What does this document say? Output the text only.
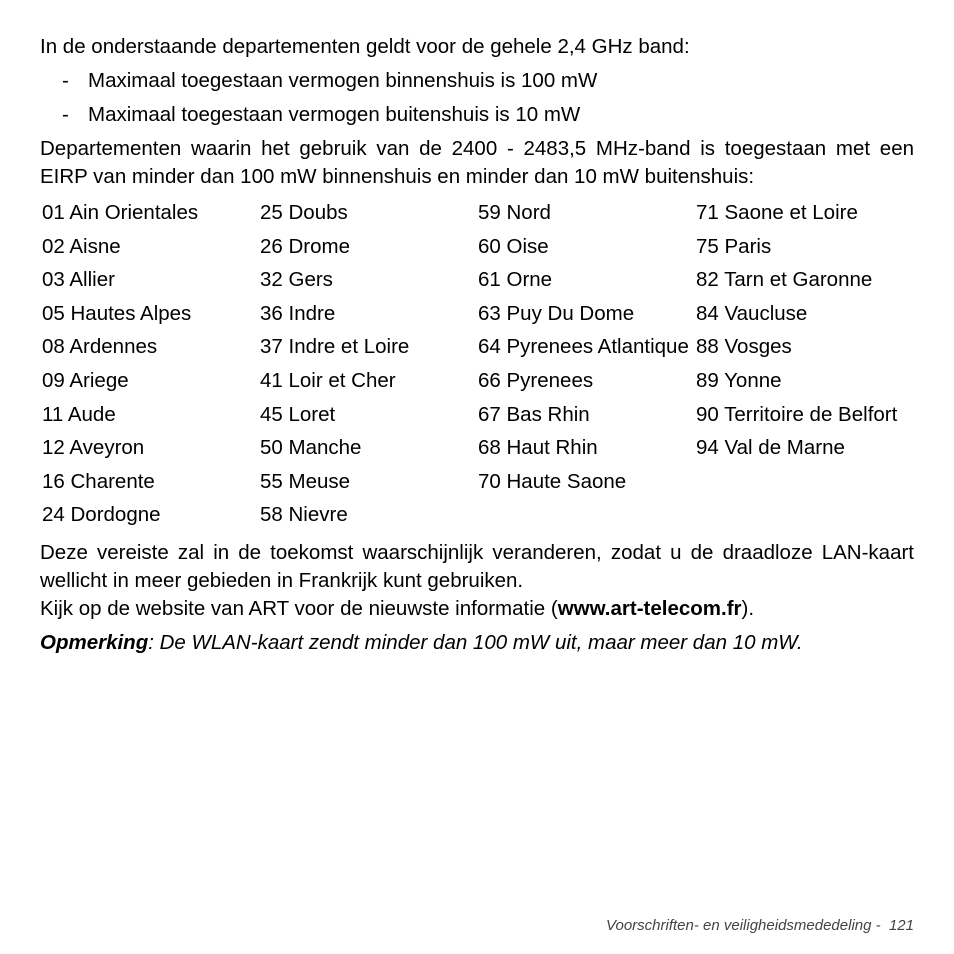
In de onderstaande departementen geldt voor de gehele 2,4 GHz band:

- Maximaal toegestaan vermogen binnenshuis is 100 mW
- Maximaal toegestaan vermogen buitenshuis is 10 mW

Departementen waarin het gebruik van de 2400 - 2483,5 MHz-band is toegestaan met een EIRP van minder dan 100 mW binnenshuis en minder dan 10 mW buitenshuis:

01 Ain Orientales
02 Aisne
03 Allier
05 Hautes Alpes
08 Ardennes
09 Ariege
11 Aude
12 Aveyron
16 Charente
24 Dordogne
25 Doubs
26 Drome
32 Gers
36 Indre
37 Indre et Loire
41 Loir et Cher
45 Loret
50 Manche
55 Meuse
58 Nievre
59 Nord
60 Oise
61 Orne
63 Puy Du Dome
64 Pyrenees Atlantique
66 Pyrenees
67 Bas Rhin
68 Haut Rhin
70 Haute Saone
71 Saone et Loire
75 Paris
82 Tarn et Garonne
84 Vaucluse
88 Vosges
89 Yonne
90 Territoire de Belfort
94 Val de Marne

Deze vereiste zal in de toekomst waarschijnlijk veranderen, zodat u de draadloze LAN-kaart wellicht in meer gebieden in Frankrijk kunt gebruiken.

Kijk op de website van ART voor de nieuwste informatie (www.art-telecom.fr).

Opmerking: De WLAN-kaart zendt minder dan 100 mW uit, maar meer dan 10 mW.

Voorschriften- en veiligheidsmededeling - 121
